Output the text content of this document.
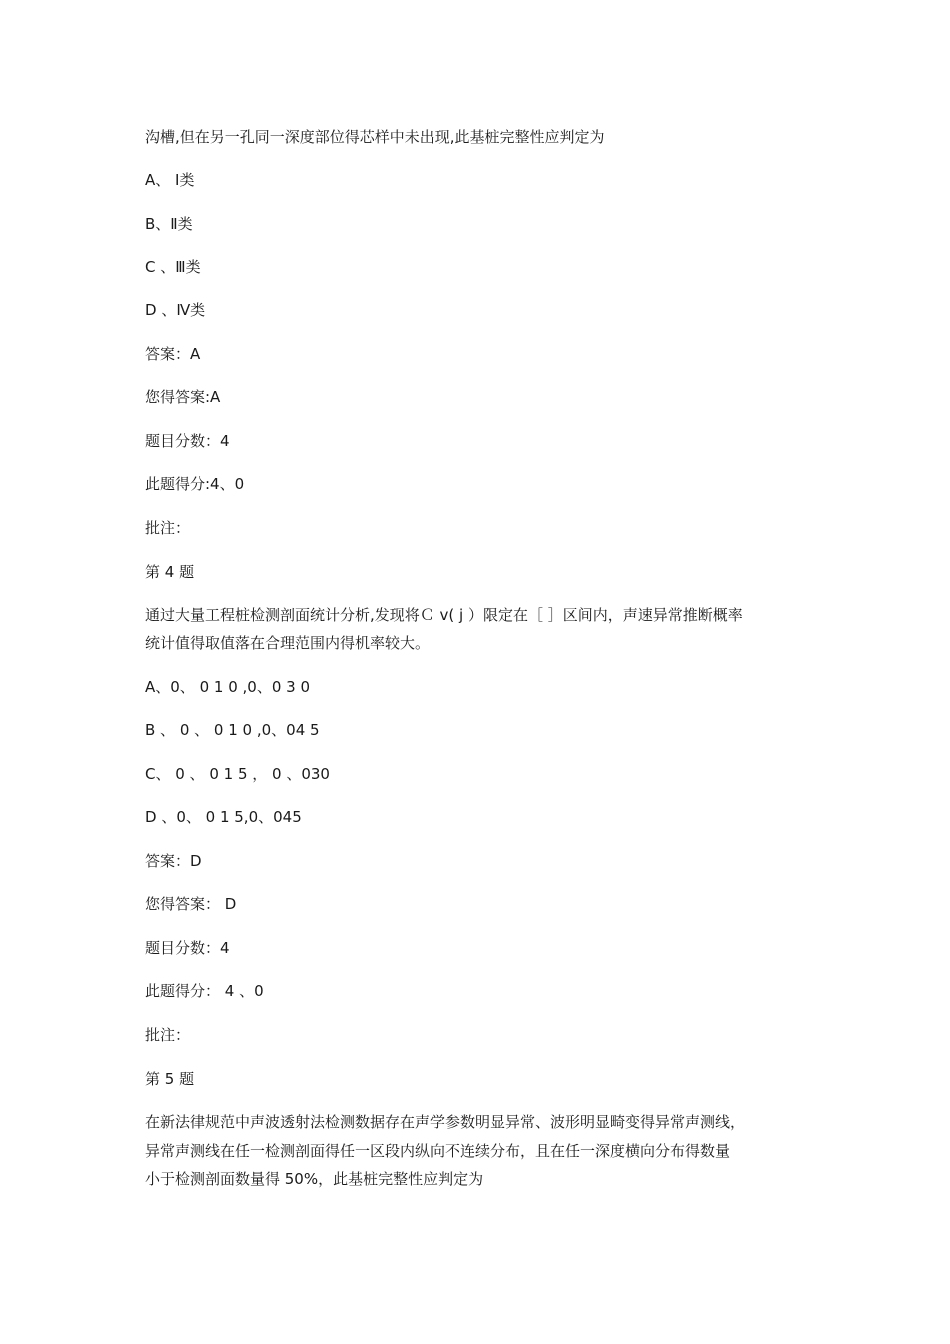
沟槽,但在另一孔同一深度部位得芯样中未出现,此基桩完整性应判定为
A、 Ⅰ类
B、Ⅱ类
C 、Ⅲ类
D 、Ⅳ类
答案：A
您得答案:A
题目分数：4
此题得分:4、0
批注：
第 4 题
通过大量工程桩检测剖面统计分析,发现将Ｃ v( j ）限定在［ ］区间内，声速异常推断概率
统计值得取值落在合理范围内得机率较大。
A、0、 0 1 0 ,0、0 3 0
B 、 0 、 0 1 0 ,0、04 5
C、 0 、 0 1 5 ， 0 、030
D 、0、 0 1 5,0、045
答案：D
您得答案： D
题目分数：4
此题得分： 4 、0
批注：
第 5 题
在新法律规范中声波透射法检测数据存在声学参数明显异常、波形明显畸变得异常声测线，
异常声测线在任一检测剖面得任一区段内纵向不连续分布，且在任一深度横向分布得数量
小于检测剖面数量得 50%，此基桩完整性应判定为
